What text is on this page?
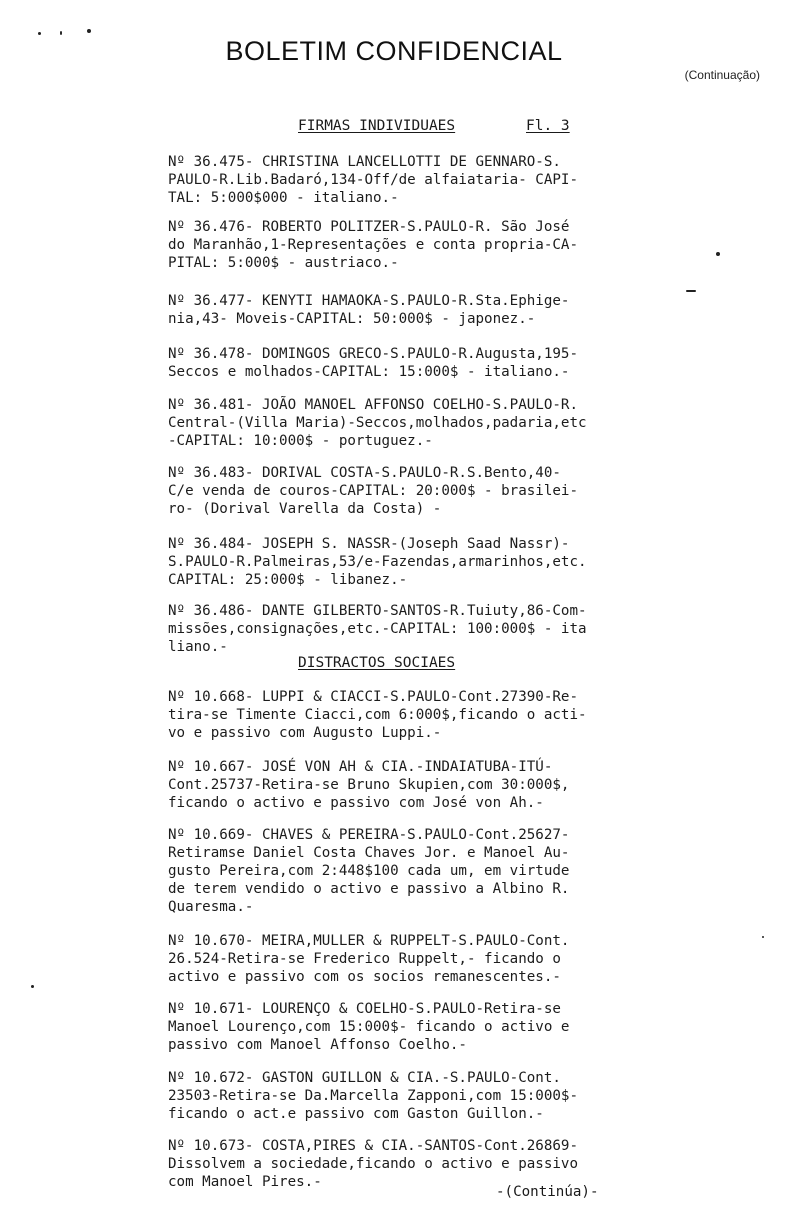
BOLETIM CONFIDENCIAL
(Continuação)
FIRMAS INDIVIDUAES	Fl. 3
Nº 36.475- CHRISTINA LANCELLOTTI DE GENNARO-S.
PAULO-R.Lib.Badaró,134-Off/de alfaiataria- CAPI-
TAL: 5:000$000 - italiano.-
Nº 36.476- ROBERTO POLITZER-S.PAULO-R. São José
do Maranhão,1-Representações e conta propria-CA-
PITAL: 5:000$ - austriaco.-
Nº 36.477- KENYTI HAMAOKA-S.PAULO-R.Sta.Ephige-
nia,43- Moveis-CAPITAL: 50:000$ - japonez.-
Nº 36.478- DOMINGOS GRECO-S.PAULO-R.Augusta,195-
Seccos e molhados-CAPITAL: 15:000$ - italiano.-
Nº 36.481- JOÃO MANOEL AFFONSO COELHO-S.PAULO-R.
Central-(Villa Maria)-Seccos,molhados,padaria,etc
-CAPITAL: 10:000$ - portuguez.-
Nº 36.483- DORIVAL COSTA-S.PAULO-R.S.Bento,40-
C/e venda de couros-CAPITAL: 20:000$ - brasilei-
ro- (Dorival Varella da Costa) -
Nº 36.484- JOSEPH S. NASSR-(Joseph Saad Nassr)-
S.PAULO-R.Palmeiras,53/e-Fazendas,armarinhos,etc.
CAPITAL: 25:000$ - libanez.-
Nº 36.486- DANTE GILBERTO-SANTOS-R.Tuiuty,86-Com-
missões,consignações,etc.-CAPITAL: 100:000$ - ita
liano.-
DISTRACTOS SOCIAES
Nº 10.668- LUPPI & CIACCI-S.PAULO-Cont.27390-Re-
tira-se Timente Ciacci,com 6:000$,ficando o acti-
vo e passivo com Augusto Luppi.-
Nº 10.667- JOSÉ VON AH & CIA.-INDAIATUBA-ITÚ-
Cont.25737-Retira-se Bruno Skupien,com 30:000$,
ficando o activo e passivo com José von Ah.-
Nº 10.669- CHAVES & PEREIRA-S.PAULO-Cont.25627-
Retiramse Daniel Costa Chaves Jor. e Manoel Au-
gusto Pereira,com 2:448$100 cada um, em virtude
de terem vendido o activo e passivo a Albino R.
Quaresma.-
Nº 10.670- MEIRA,MULLER & RUPPELT-S.PAULO-Cont.
26.524-Retira-se Frederico Ruppelt,- ficando o
activo e passivo com os socios remanescentes.-
Nº 10.671- LOURENÇO & COELHO-S.PAULO-Retira-se
Manoel Lourenço,com 15:000$- ficando o activo e
passivo com Manoel Affonso Coelho.-
Nº 10.672- GASTON GUILLON & CIA.-S.PAULO-Cont.
23503-Retira-se Da.Marcella Zapponi,com 15:000$-
ficando o act.e passivo com Gaston Guillon.-
Nº 10.673- COSTA,PIRES & CIA.-SANTOS-Cont.26869-
Dissolvem a sociedade,ficando o activo e passivo
com Manoel Pires.-
-(Continúa)-
